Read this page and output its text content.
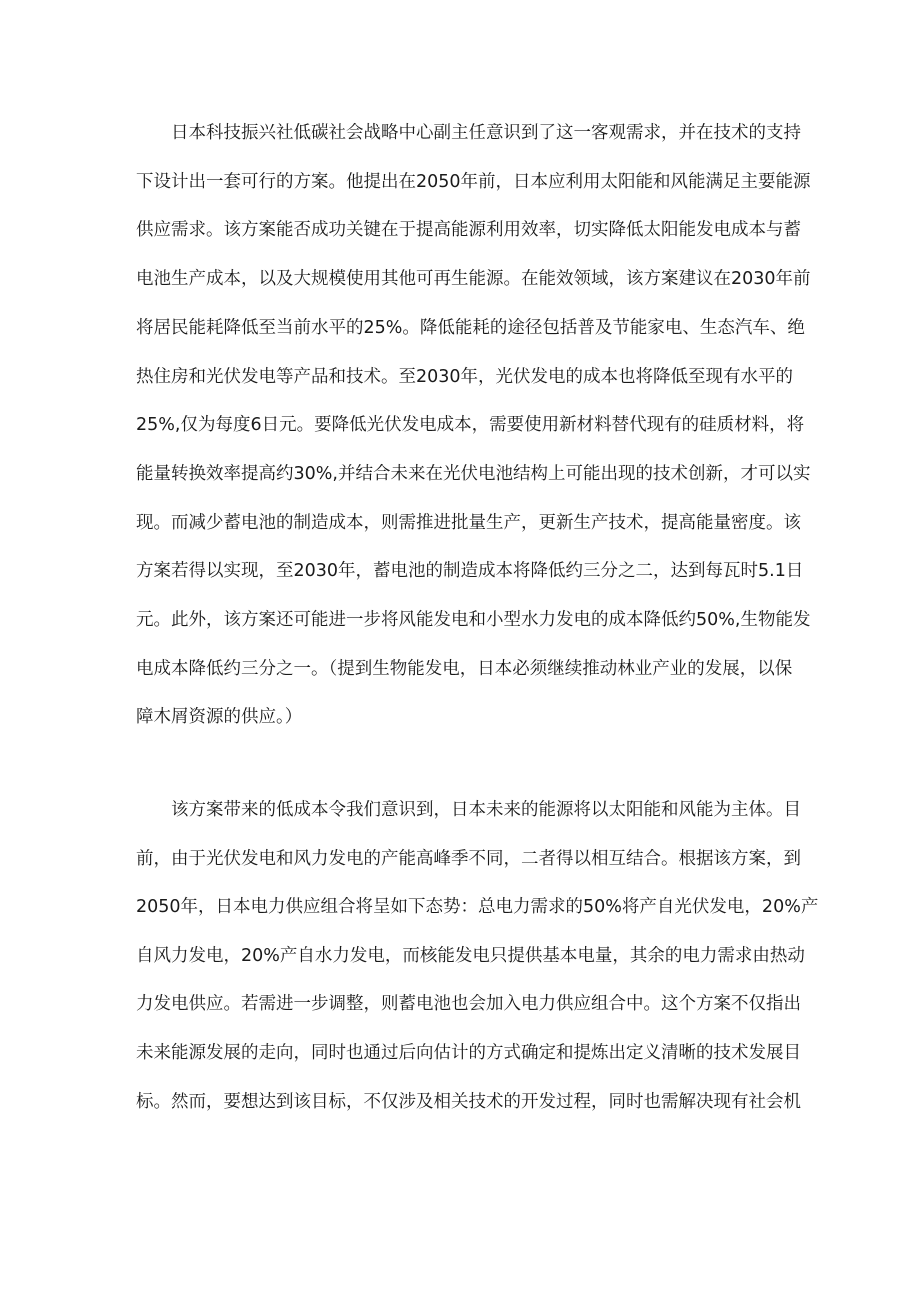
日本科技振兴社低碳社会战略中心副主任意识到了这一客观需求，并在技术的支持
下设计出一套可行的方案。他提出在2050年前，日本应利用太阳能和风能满足主要能源
供应需求。该方案能否成功关键在于提高能源利用效率，切实降低太阳能发电成本与蓄
电池生产成本，以及大规模使用其他可再生能源。在能效领域，该方案建议在2030年前
将居民能耗降低至当前水平的25%。降低能耗的途径包括普及节能家电、生态汽车、绝
热住房和光伏发电等产品和技术。至2030年，光伏发电的成本也将降低至现有水平的
25%,仅为每度6日元。要降低光伏发电成本，需要使用新材料替代现有的硅质材料，将
能量转换效率提高约30%,并结合未来在光伏电池结构上可能出现的技术创新，才可以实
现。而减少蓄电池的制造成本，则需推进批量生产，更新生产技术，提高能量密度。该
方案若得以实现，至2030年，蓄电池的制造成本将降低约三分之二，达到每瓦时5.1日
元。此外，该方案还可能进一步将风能发电和小型水力发电的成本降低约50%,生物能发
电成本降低约三分之一。（提到生物能发电，日本必须继续推动林业产业的发展，以保
障木屑资源的供应。）
该方案带来的低成本令我们意识到，日本未来的能源将以太阳能和风能为主体。目
前，由于光伏发电和风力发电的产能高峰季不同，二者得以相互结合。根据该方案，到
2050年，日本电力供应组合将呈如下态势：总电力需求的50%将产自光伏发电，20%产
自风力发电，20%产自水力发电，而核能发电只提供基本电量，其余的电力需求由热动
力发电供应。若需进一步调整，则蓄电池也会加入电力供应组合中。这个方案不仅指出
未来能源发展的走向，同时也通过后向估计的方式确定和提炼出定义清晰的技术发展目
标。然而，要想达到该目标，不仅涉及相关技术的开发过程，同时也需解决现有社会机
